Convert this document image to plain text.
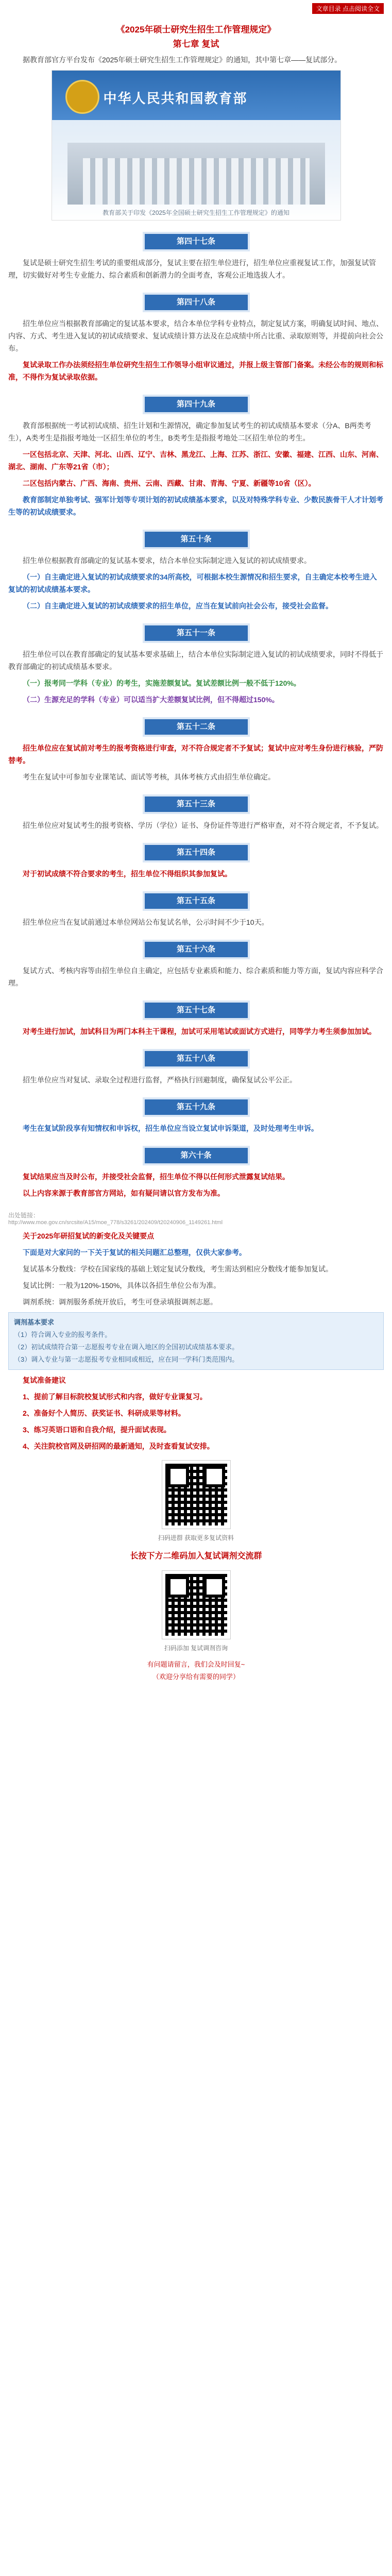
文章目录 点击阅读全文
《2025年硕士研究生招生工作管理规定》
第七章 复试

据教育部官方平台发布《2025年硕士研究生招生工作管理规定》的通知，其中第七章——复试部分。

中华人民共和国教育部
教育部关于印发《2025年全国硕士研究生招生工作管理规定》的通知
第四十七条

复试是硕士研究生招生考试的重要组成部分，复试主要在招生单位进行，招生单位应重视复试工作，加强复试管理，切实做好对考生专业能力、综合素质和创新潜力的全面考查，客观公正地选拔人才。

第四十八条

招生单位应当根据教育部确定的复试基本要求，结合本单位学科专业特点，制定复试方案，明确复试时间、地点、内容、方式、考生进入复试的初试成绩要求、复试成绩计算方法及在总成绩中所占比重、录取原则等，并提前向社会公布。

复试录取工作办法须经招生单位研究生招生工作领导小组审议通过，并报上级主管部门备案。未经公布的规则和标准，不得作为复试录取依据。

第四十九条

教育部根据统一考试初试成绩、招生计划和生源情况，确定参加复试考生的初试成绩基本要求（分A、B两类考生），A类考生是指报考地处一区招生单位的考生，B类考生是指报考地处二区招生单位的考生。

一区包括北京、天津、河北、山西、辽宁、吉林、黑龙江、上海、江苏、浙江、安徽、福建、江西、山东、河南、湖北、湖南、广东等21省（市）；

二区包括内蒙古、广西、海南、贵州、云南、西藏、甘肃、青海、宁夏、新疆等10省（区）。

教育部制定单独考试、强军计划等专项计划的初试成绩基本要求，以及对特殊学科专业、少数民族骨干人才计划考生等的初试成绩要求。

第五十条

招生单位根据教育部确定的复试基本要求，结合本单位实际制定进入复试的初试成绩要求。

（一）自主确定进入复试的初试成绩要求的34所高校，可根据本校生源情况和招生要求，自主确定本校考生进入复试的初试成绩基本要求。

（二）自主确定进入复试的初试成绩要求的招生单位，应当在复试前向社会公布，接受社会监督。

第五十一条

招生单位可以在教育部确定的复试基本要求基础上，结合本单位实际制定进入复试的初试成绩要求，同时不得低于教育部确定的初试成绩基本要求。

（一）报考同一学科（专业）的考生，实施差额复试。复试差额比例一般不低于120%。

（二）生源充足的学科（专业）可以适当扩大差额复试比例，但不得超过150%。

第五十二条

招生单位应在复试前对考生的报考资格进行审查，对不符合规定者不予复试；复试中应对考生身份进行核验，严防替考。

考生在复试中可参加专业课笔试、面试等考核，具体考核方式由招生单位确定。

第五十三条

招生单位应对复试考生的报考资格、学历（学位）证书、身份证件等进行严格审查，对不符合规定者，不予复试。

第五十四条

对于初试成绩不符合要求的考生，招生单位不得组织其参加复试。

第五十五条

招生单位应当在复试前通过本单位网站公布复试名单，公示时间不少于10天。

第五十六条

复试方式、考核内容等由招生单位自主确定，应包括专业素质和能力、综合素质和能力等方面，复试内容应科学合理。

第五十七条

对考生进行加试，加试科目为两门本科主干课程，加试可采用笔试或面试方式进行，同等学力考生须参加加试。

第五十八条

招生单位应当对复试、录取全过程进行监督，严格执行回避制度，确保复试公平公正。

第五十九条

考生在复试阶段享有知情权和申诉权，招生单位应当设立复试申诉渠道，及时处理考生申诉。

第六十条

复试结果应当及时公布，并接受社会监督，招生单位不得以任何形式泄露复试结果。

以上内容来源于教育部官方网站，如有疑问请以官方发布为准。

出处链接：
http://www.moe.gov.cn/srcsite/A15/moe_778/s3261/202409/t20240906_1149261.html

关于2025年研招复试的新变化及关键要点

下面是对大家问的一下关于复试的相关问题汇总整理，仅供大家参考。

复试基本分数线：学校在国家线的基础上划定复试分数线，考生需达到相应分数线才能参加复试。

复试比例：一般为120%-150%，具体以各招生单位公布为准。

调剂系统：调剂服务系统开放后，考生可登录填报调剂志愿。

调剂基本要求

（1）符合调入专业的报考条件。

（2）初试成绩符合第一志愿报考专业在调入地区的全国初试成绩基本要求。

（3）调入专业与第一志愿报考专业相同或相近，应在同一学科门类范围内。

复试准备建议

1、提前了解目标院校复试形式和内容，做好专业课复习。

2、准备好个人简历、获奖证书、科研成果等材料。

3、练习英语口语和自我介绍，提升面试表现。

4、关注院校官网及研招网的最新通知，及时查看复试安排。

扫码进群 获取更多复试资料

长按下方二维码加入复试调剂交流群

扫码添加 复试调剂咨询

有问题请留言，我们会及时回复~

（欢迎分享给有需要的同学）
